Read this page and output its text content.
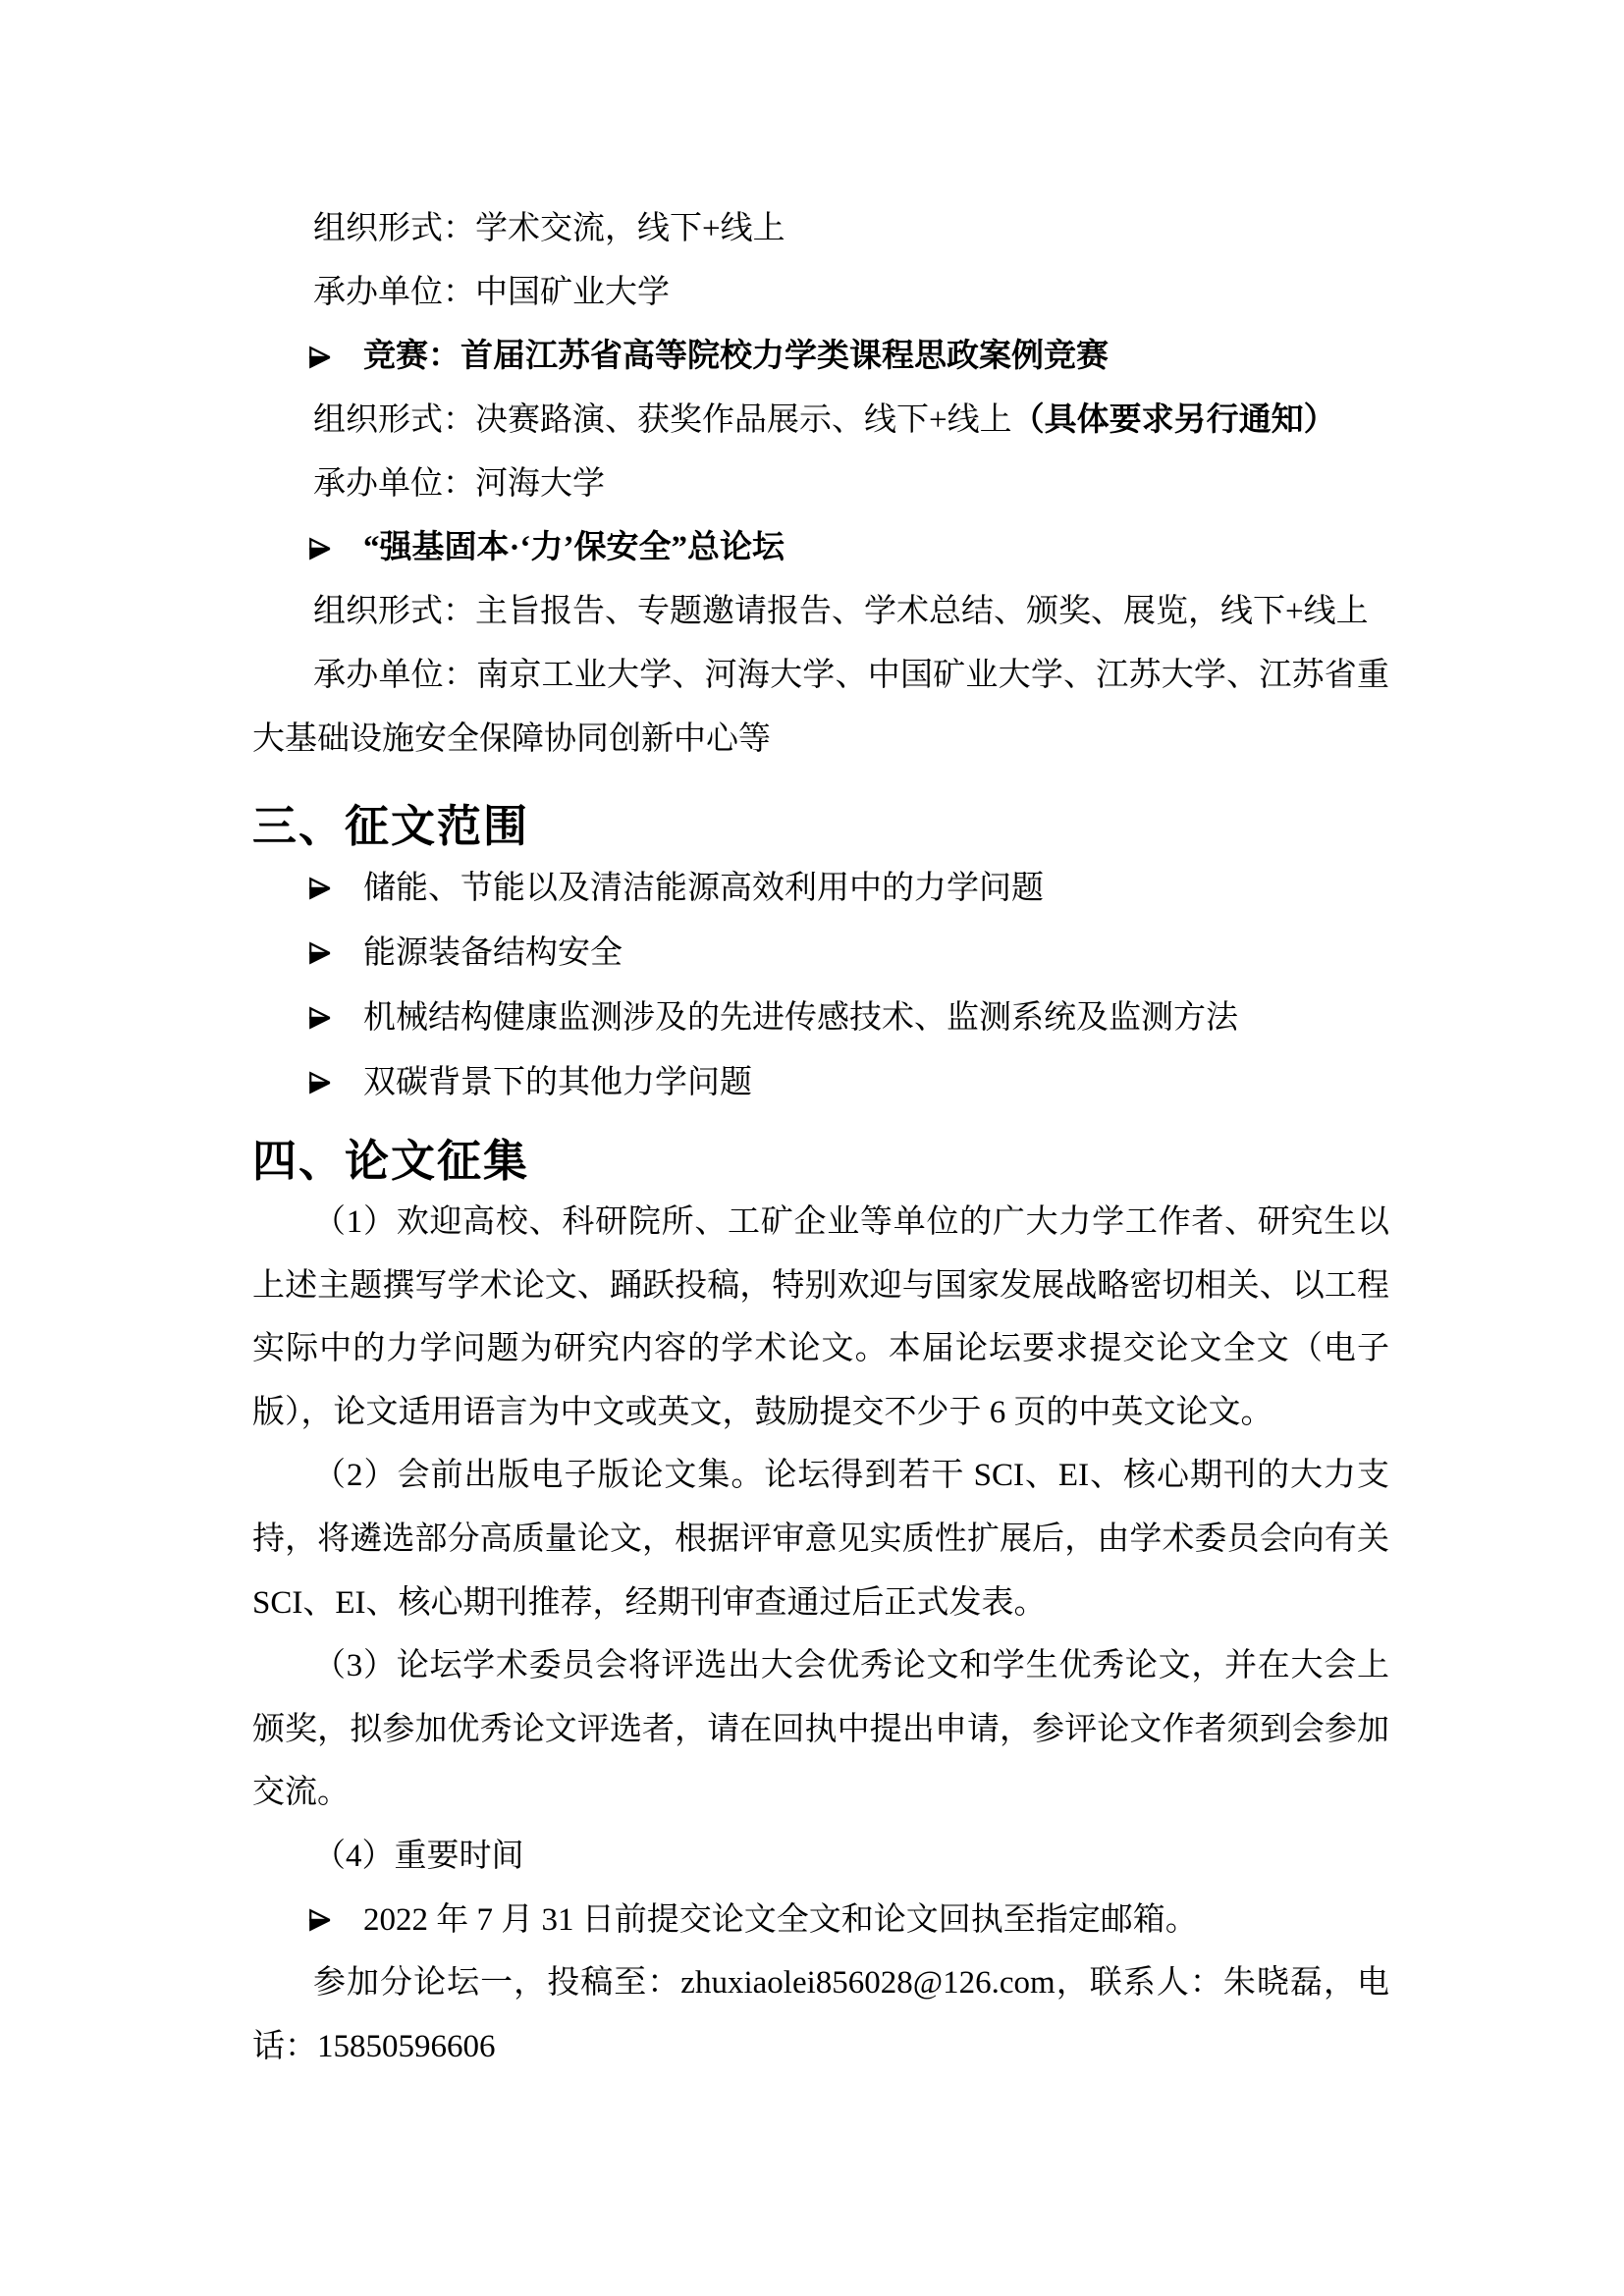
组织形式：学术交流，线下+线上
承办单位：中国矿业大学
竞赛：首届江苏省高等院校力学类课程思政案例竞赛
组织形式：决赛路演、获奖作品展示、线下+线上（具体要求另行通知）
承办单位：河海大学
“强基固本·‘力’保安全”总论坛
组织形式：主旨报告、专题邀请报告、学术总结、颁奖、展览，线下+线上
承办单位：南京工业大学、河海大学、中国矿业大学、江苏大学、江苏省重
大基础设施安全保障协同创新中心等
三、征文范围
储能、节能以及清洁能源高效利用中的力学问题
能源装备结构安全
机械结构健康监测涉及的先进传感技术、监测系统及监测方法
双碳背景下的其他力学问题
四、论文征集
（1）欢迎高校、科研院所、工矿企业等单位的广大力学工作者、研究生以
上述主题撰写学术论文、踊跃投稿，特别欢迎与国家发展战略密切相关、以工程
实际中的力学问题为研究内容的学术论文。本届论坛要求提交论文全文（电子
版），论文适用语言为中文或英文，鼓励提交不少于 6 页的中英文论文。
（2）会前出版电子版论文集。论坛得到若干 SCI、EI、核心期刊的大力支
持，将遴选部分高质量论文，根据评审意见实质性扩展后，由学术委员会向有关
SCI、EI、核心期刊推荐，经期刊审查通过后正式发表。
（3）论坛学术委员会将评选出大会优秀论文和学生优秀论文，并在大会上
颁奖，拟参加优秀论文评选者，请在回执中提出申请，参评论文作者须到会参加
交流。
（4）重要时间
2022 年 7 月 31 日前提交论文全文和论文回执至指定邮箱。
参加分论坛一，投稿至：zhuxiaolei856028@126.com，联系人：朱晓磊，电
话：15850596606
